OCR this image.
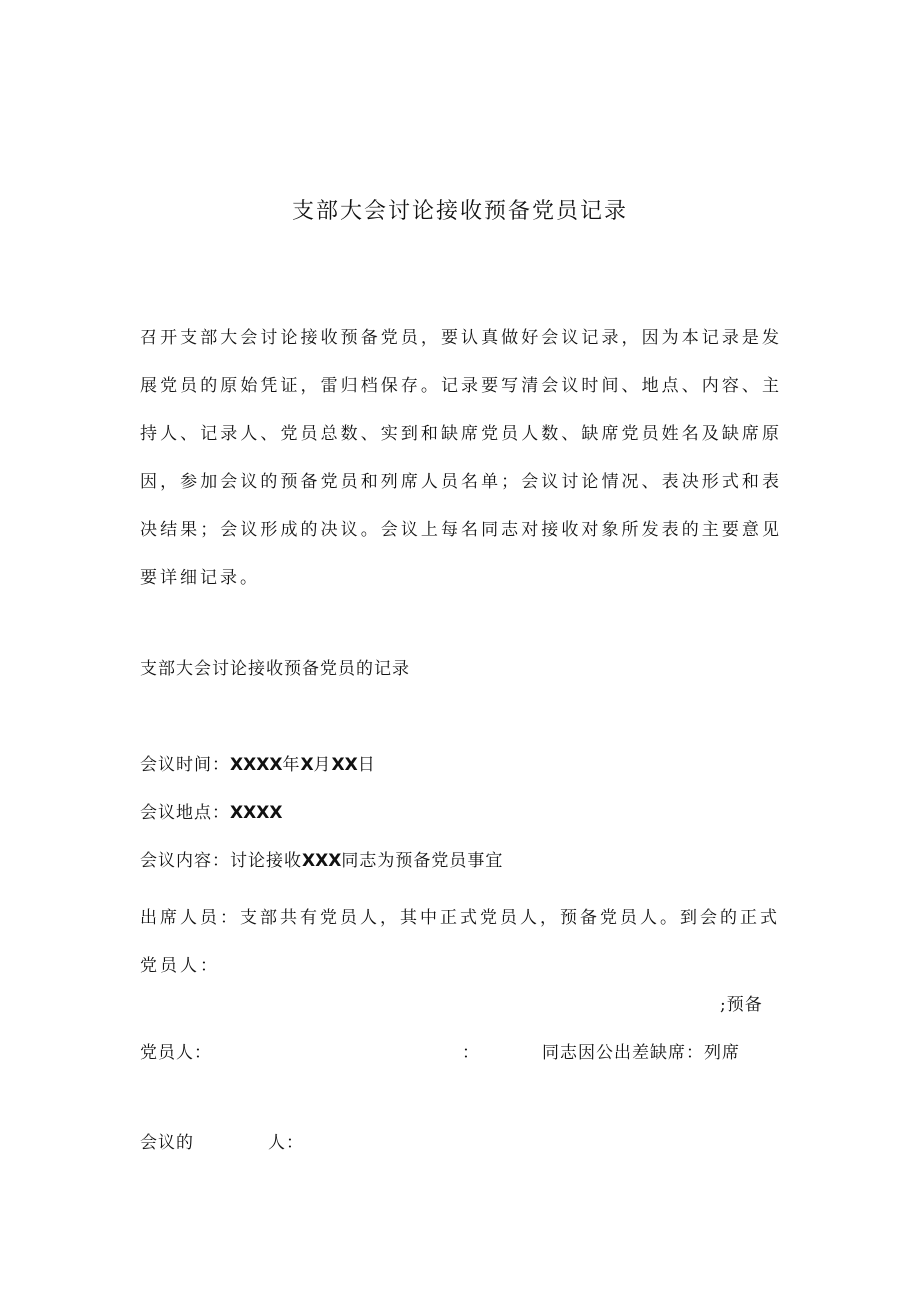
支部大会讨论接收预备党员记录
召开支部大会讨论接收预备党员，要认真做好会议记录，因为本记录是发展党员的原始凭证，雷归档保存。记录要写清会议时间、地点、内容、主持人、记录人、党员总数、实到和缺席党员人数、缺席党员姓名及缺席原因，参加会议的预备党员和列席人员名单；会议讨论情况、表决形式和表决结果；会议形成的决议。会议上每名同志对接收对象所发表的主要意见要详细记录。
支部大会讨论接收预备党员的记录
会议时间：XXXX年X月XX日
会议地点：XXXX
会议内容：讨论接收XXX同志为预备党员事宜
出席人员：支部共有党员人，其中正式党员人，预备党员人。到会的正式党员人：
;预备
党员人：	：	同志因公出差缺席：列席
会议的	人：
